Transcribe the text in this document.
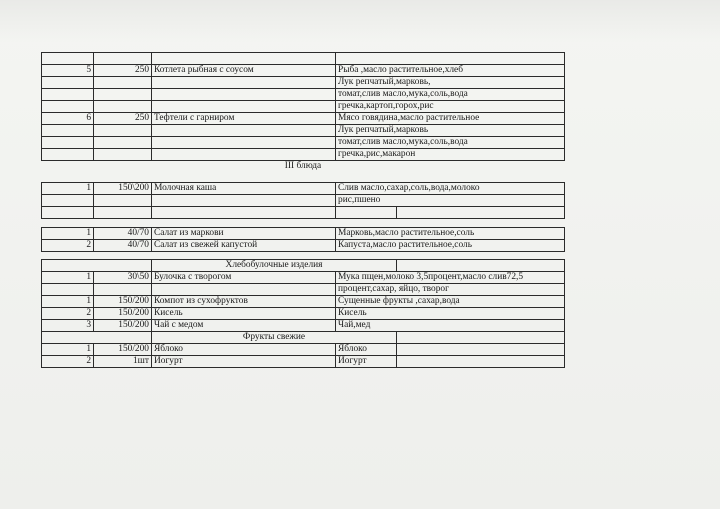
5	250	Котлета рыбная с соусом	Рыба ,масло растительное,хлеб
			Лук репчатый,марковь,
			томат,слив масло,мука,соль,вода
			гречка,картоп,горох,рис
6	250	Тефтели с гарниром	Мясо говядина,масло растительное
			Лук репчатый,марковь
			томат,слив масло,мука,соль,вода
			гречка,рис,макарон
III блюда			
1	150\200	Молочная каша	Слив масло,сахар,соль,вода,молоко	
			рис,пшено	

1	40/70	Салат из маркови	Марковь,масло растительное,соль	
2	40/70	Салат из свежей капустой	Капуста,масло растительное,соль	
		Хлебобулочные изделия		
1	30\50	Булочка с творогом	Мука пщен,молоко 3,5процент,масло слив72,5	
			процент,сахар, яйцо, творог	
1	150/200	Компот из сухофруктов	Сущенные фрукты ,сахар,вода	
2	150/200	Кисель	Кисель	
3	150/200	Чай с медом	Чай,мед	
		Фрукты свежие		
1	150/200	Яблоко	Яблоко	
2	1шт	Иогурт	Иогурт	
